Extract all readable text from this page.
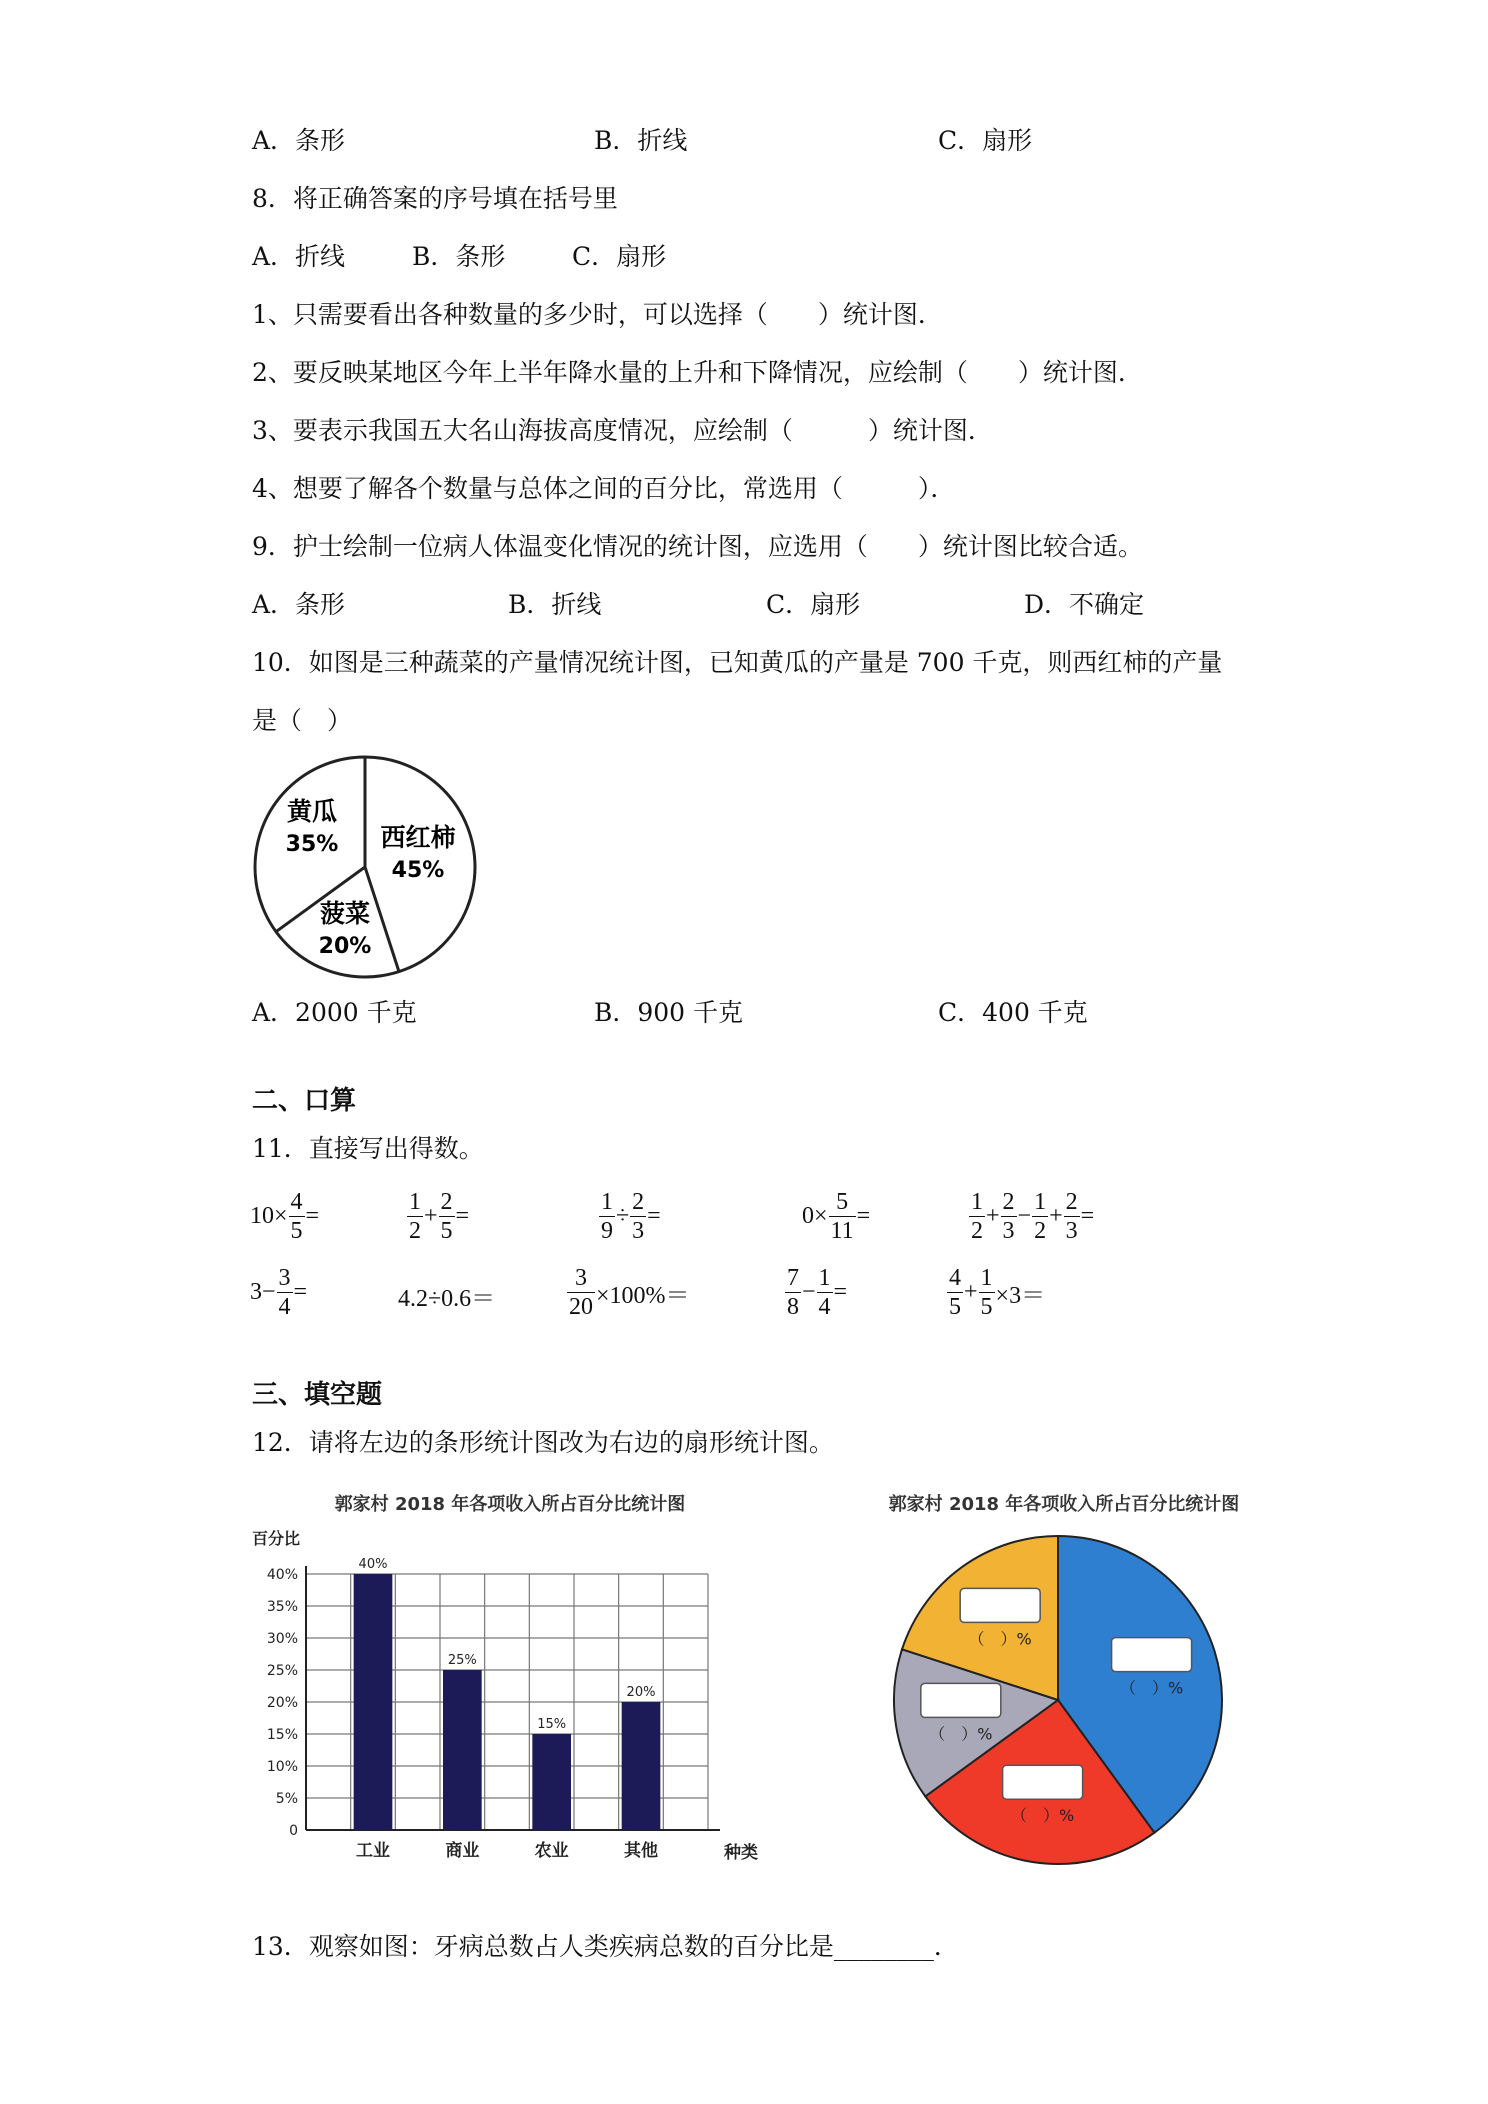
A．条形	B．折线	C．扇形
8．将正确答案的序号填在括号里
A．折线	B．条形	C．扇形
1、只需要看出各种数量的多少时，可以选择（　　）统计图．
2、要反映某地区今年上半年降水量的上升和下降情况，应绘制（　　）统计图．
3、要表示我国五大名山海拔高度情况，应绘制（　　　）统计图．
4、想要了解各个数量与总体之间的百分比，常选用（　　　）．
9．护士绘制一位病人体温变化情况的统计图，应选用（　　）统计图比较合适。
A．条形	B．折线	C．扇形	D．不确定
10．如图是三种蔬菜的产量情况统计图，已知黄瓜的产量是 700 千克，则西红柿的产量
是（　）
黄瓜
35% 西红柿
45%
菠菜
20%
A．2000 千克	B．900 千克	C．400 千克
二、口算
11．直接写出得数。
$10\times \frac{4}{5}$ =	$\frac{1}{2} + \frac{2}{5}$ =	$\frac{1}{9} \div \frac{2}{3}$ =	$0\times \frac{5}{11}$ =	$\frac{1}{2} + \frac{2}{3} - \frac{1}{2} + \frac{2}{3}$ =
$3- \frac{3}{4}$ =	4.2÷0.6＝	$\frac{3}{20} \times 100\%=$	$\frac{7}{8} - \frac{1}{4}$ =	$\frac{4}{5} + \frac{1}{5} \times 3=$
三、填空题
12．请将左边的条形统计图改为右边的扇形统计图。
郭家村 2018 年各项收入所占百分比统计图
百分比
种类
0
5%
10%
15%
20%
25%
30%
35%
40%
40%
工业
25%
商业
15%
农业
20%
其他
郭家村 2018 年各项收入所占百分比统计图
（　）%
（　）%
（　）%
（　）%
13．观察如图：牙病总数占人类疾病总数的百分比是________．
